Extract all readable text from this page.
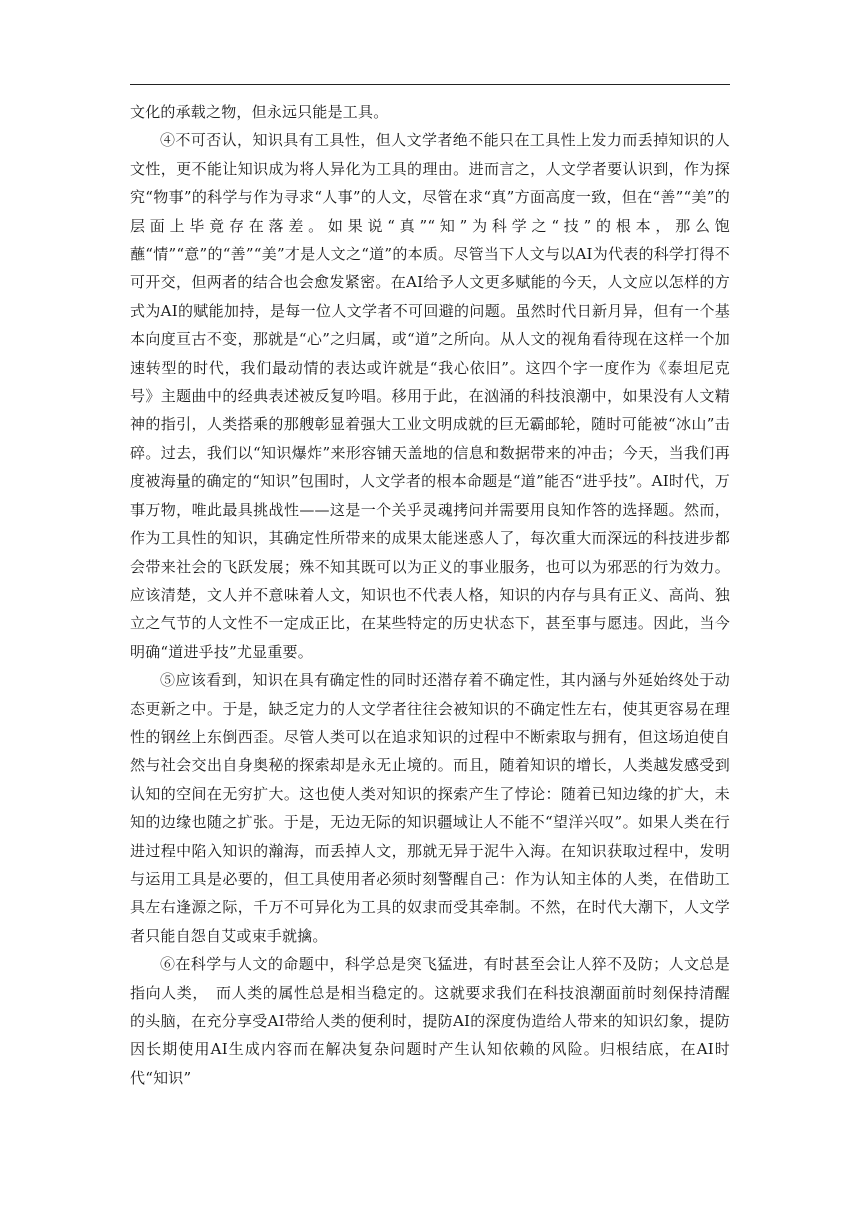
文化的承载之物，但永远只能是工具。

④不可否认，知识具有工具性，但人文学者绝不能只在工具性上发力而丢掉知识的人文性，更不能让知识成为将人异化为工具的理由。进而言之，人文学者要认识到，作为探究“物事”的科学与作为寻求“人事”的人文，尽管在求“真”方面高度一致，但在“善”“美”的层面上毕竟存在落差。如果说“真”“知”为科学之“技”的根本，那么饱蘸“情”“意”的“善”“美”才是人文之“道”的本质。尽管当下人文与以AI为代表的科学打得不可开交，但两者的结合也会愈发紧密。在AI给予人文更多赋能的今天，人文应以怎样的方式为AI的赋能加持，是每一位人文学者不可回避的问题。虽然时代日新月异，但有一个基本向度亘古不变，那就是“心”之归属，或“道”之所向。从人文的视角看待现在这样一个加速转型的时代，我们最动情的表达或许就是“我心依旧”。这四个字一度作为《泰坦尼克号》主题曲中的经典表述被反复吟唱。移用于此，在汹涌的科技浪潮中，如果没有人文精神的指引，人类搭乘的那艘彰显着强大工业文明成就的巨无霸邮轮，随时可能被“冰山”击碎。过去，我们以“知识爆炸”来形容铺天盖地的信息和数据带来的冲击；今天，当我们再度被海量的确定的“知识”包围时，人文学者的根本命题是“道”能否“进乎技”。AI时代，万事万物，唯此最具挑战性——这是一个关乎灵魂拷问并需要用良知作答的选择题。然而，作为工具性的知识，其确定性所带来的成果太能迷惑人了，每次重大而深远的科技进步都会带来社会的飞跃发展；殊不知其既可以为正义的事业服务，也可以为邪恶的行为效力。应该清楚，文人并不意味着人文，知识也不代表人格，知识的内存与具有正义、高尚、独立之气节的人文性不一定成正比，在某些特定的历史状态下，甚至事与愿违。因此，当今明确“道进乎技”尤显重要。

⑤应该看到，知识在具有确定性的同时还潜存着不确定性，其内涵与外延始终处于动态更新之中。于是，缺乏定力的人文学者往往会被知识的不确定性左右，使其更容易在理性的钢丝上东倒西歪。尽管人类可以在追求知识的过程中不断索取与拥有，但这场迫使自然与社会交出自身奥秘的探索却是永无止境的。而且，随着知识的增长，人类越发感受到认知的空间在无穷扩大。这也使人类对知识的探索产生了悖论：随着已知边缘的扩大，未知的边缘也随之扩张。于是，无边无际的知识疆域让人不能不“望洋兴叹”。如果人类在行进过程中陷入知识的瀚海，而丢掉人文，那就无异于泥牛入海。在知识获取过程中，发明与运用工具是必要的，但工具使用者必须时刻警醒自己：作为认知主体的人类，在借助工具左右逢源之际，千万不可异化为工具的奴隶而受其牵制。不然，在时代大潮下，人文学者只能自怨自艾或束手就擒。

⑥在科学与人文的命题中，科学总是突飞猛进，有时甚至会让人猝不及防；人文总是指向人类，　而人类的属性总是相当稳定的。这就要求我们在科技浪潮面前时刻保持清醒的头脑，在充分享受AI带给人类的便利时，提防AI的深度伪造给人带来的知识幻象，提防因长期使用AI生成内容而在解决复杂问题时产生认知依赖的风险。归根结底，在AI时代“知识”
